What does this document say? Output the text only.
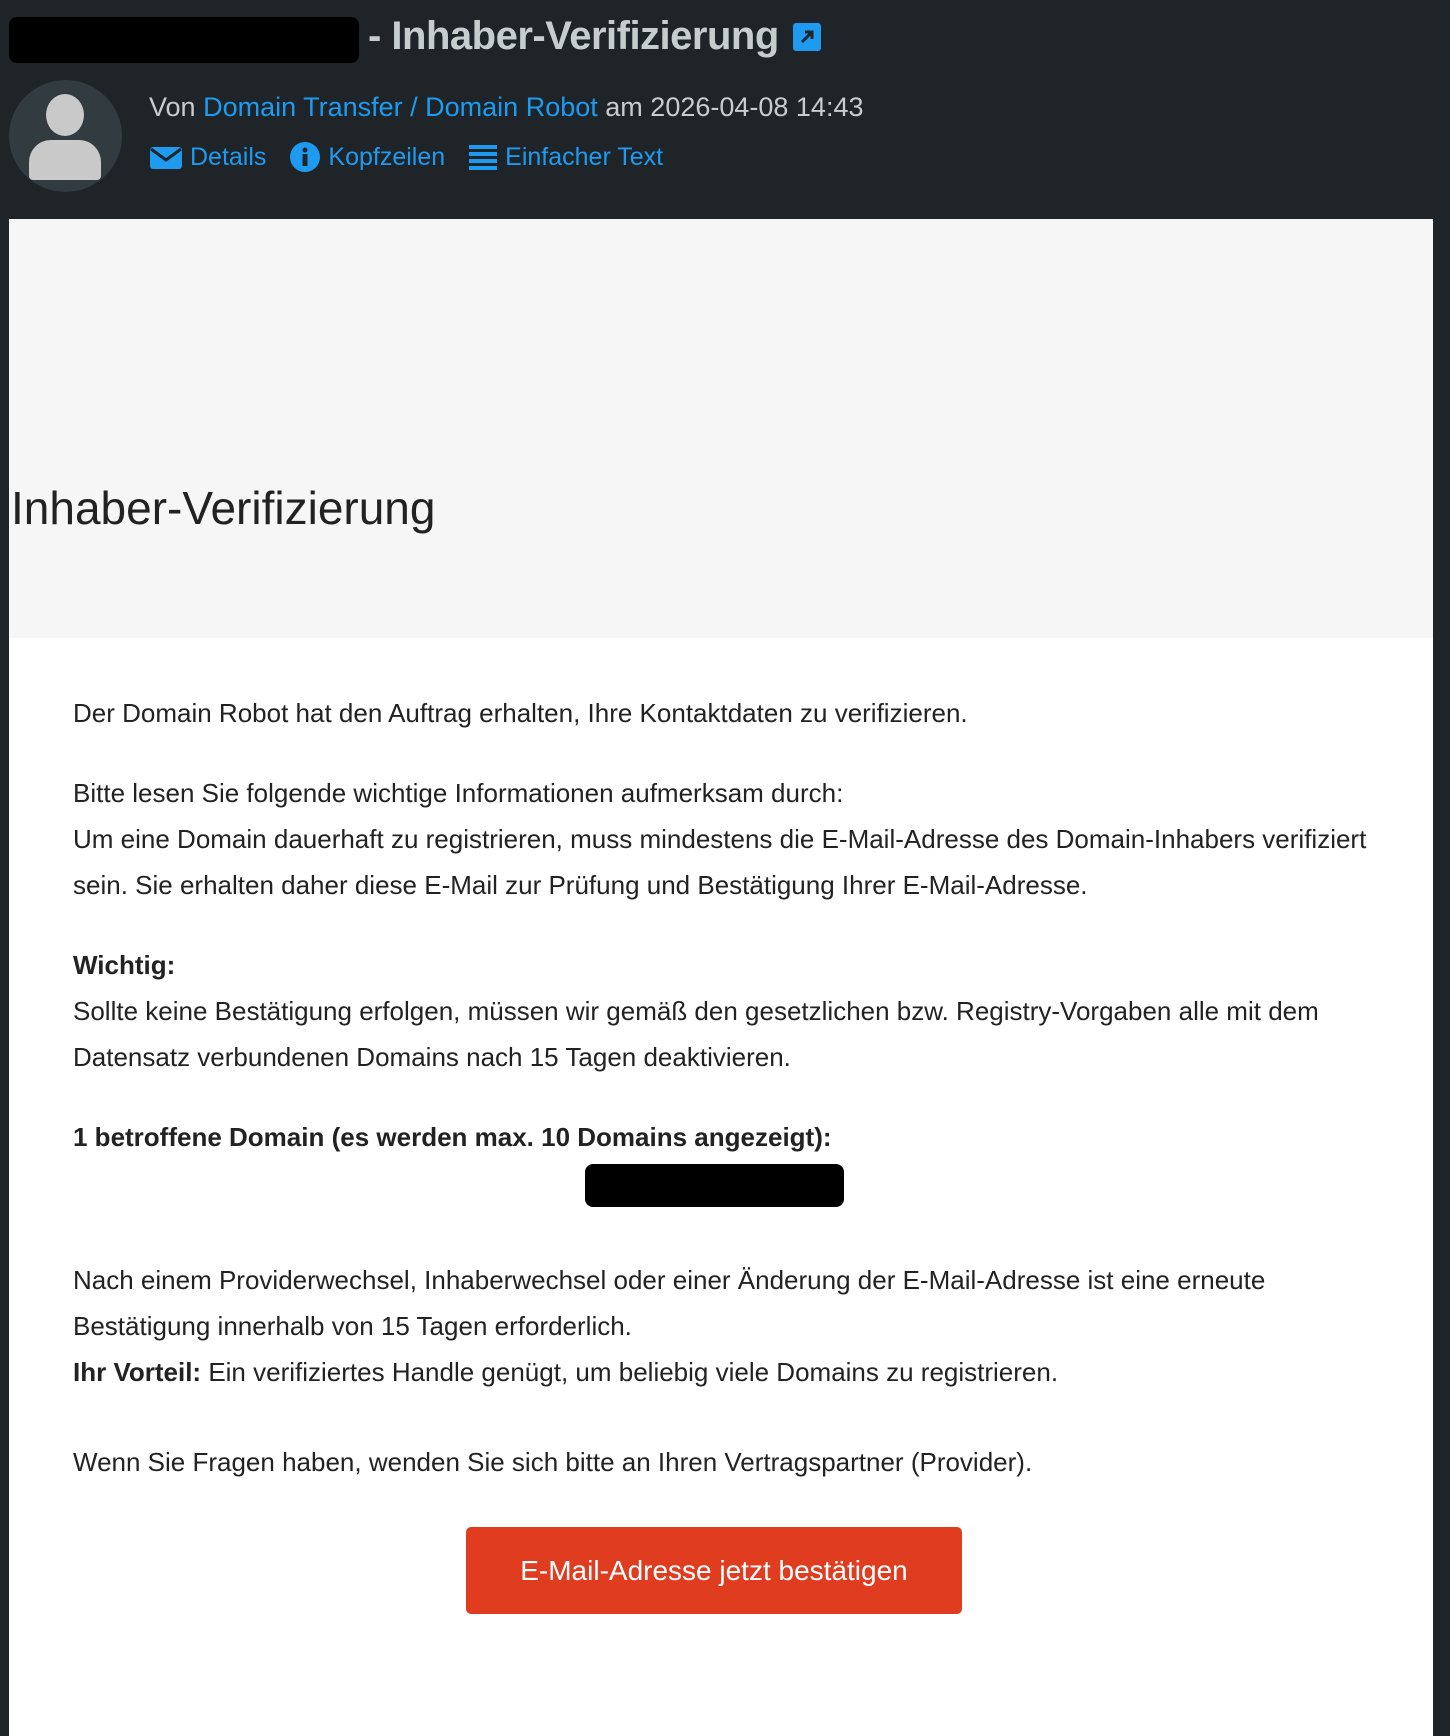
- Inhaber-Verifizierung
Von Domain Transfer / Domain Robot am 2026-04-08 14:43
Details Kopfzeilen Einfacher Text
Inhaber-Verifizierung

Der Domain Robot hat den Auftrag erhalten, Ihre Kontaktdaten zu verifizieren.

Bitte lesen Sie folgende wichtige Informationen aufmerksam durch:
Um eine Domain dauerhaft zu registrieren, muss mindestens die E-Mail-Adresse des Domain-Inhabers verifiziert sein. Sie erhalten daher diese E-Mail zur Prüfung und Bestätigung Ihrer E-Mail-Adresse.

Wichtig:
Sollte keine Bestätigung erfolgen, müssen wir gemäß den gesetzlichen bzw. Registry-Vorgaben alle mit dem Datensatz verbundenen Domains nach 15 Tagen deaktivieren.

1 betroffene Domain (es werden max. 10 Domains angezeigt):

Nach einem Providerwechsel, Inhaberwechsel oder einer Änderung der E-Mail-Adresse ist eine erneute Bestätigung innerhalb von 15 Tagen erforderlich.
Ihr Vorteil: Ein verifiziertes Handle genügt, um beliebig viele Domains zu registrieren.

Wenn Sie Fragen haben, wenden Sie sich bitte an Ihren Vertragspartner (Provider).

E-Mail-Adresse jetzt bestätigen
